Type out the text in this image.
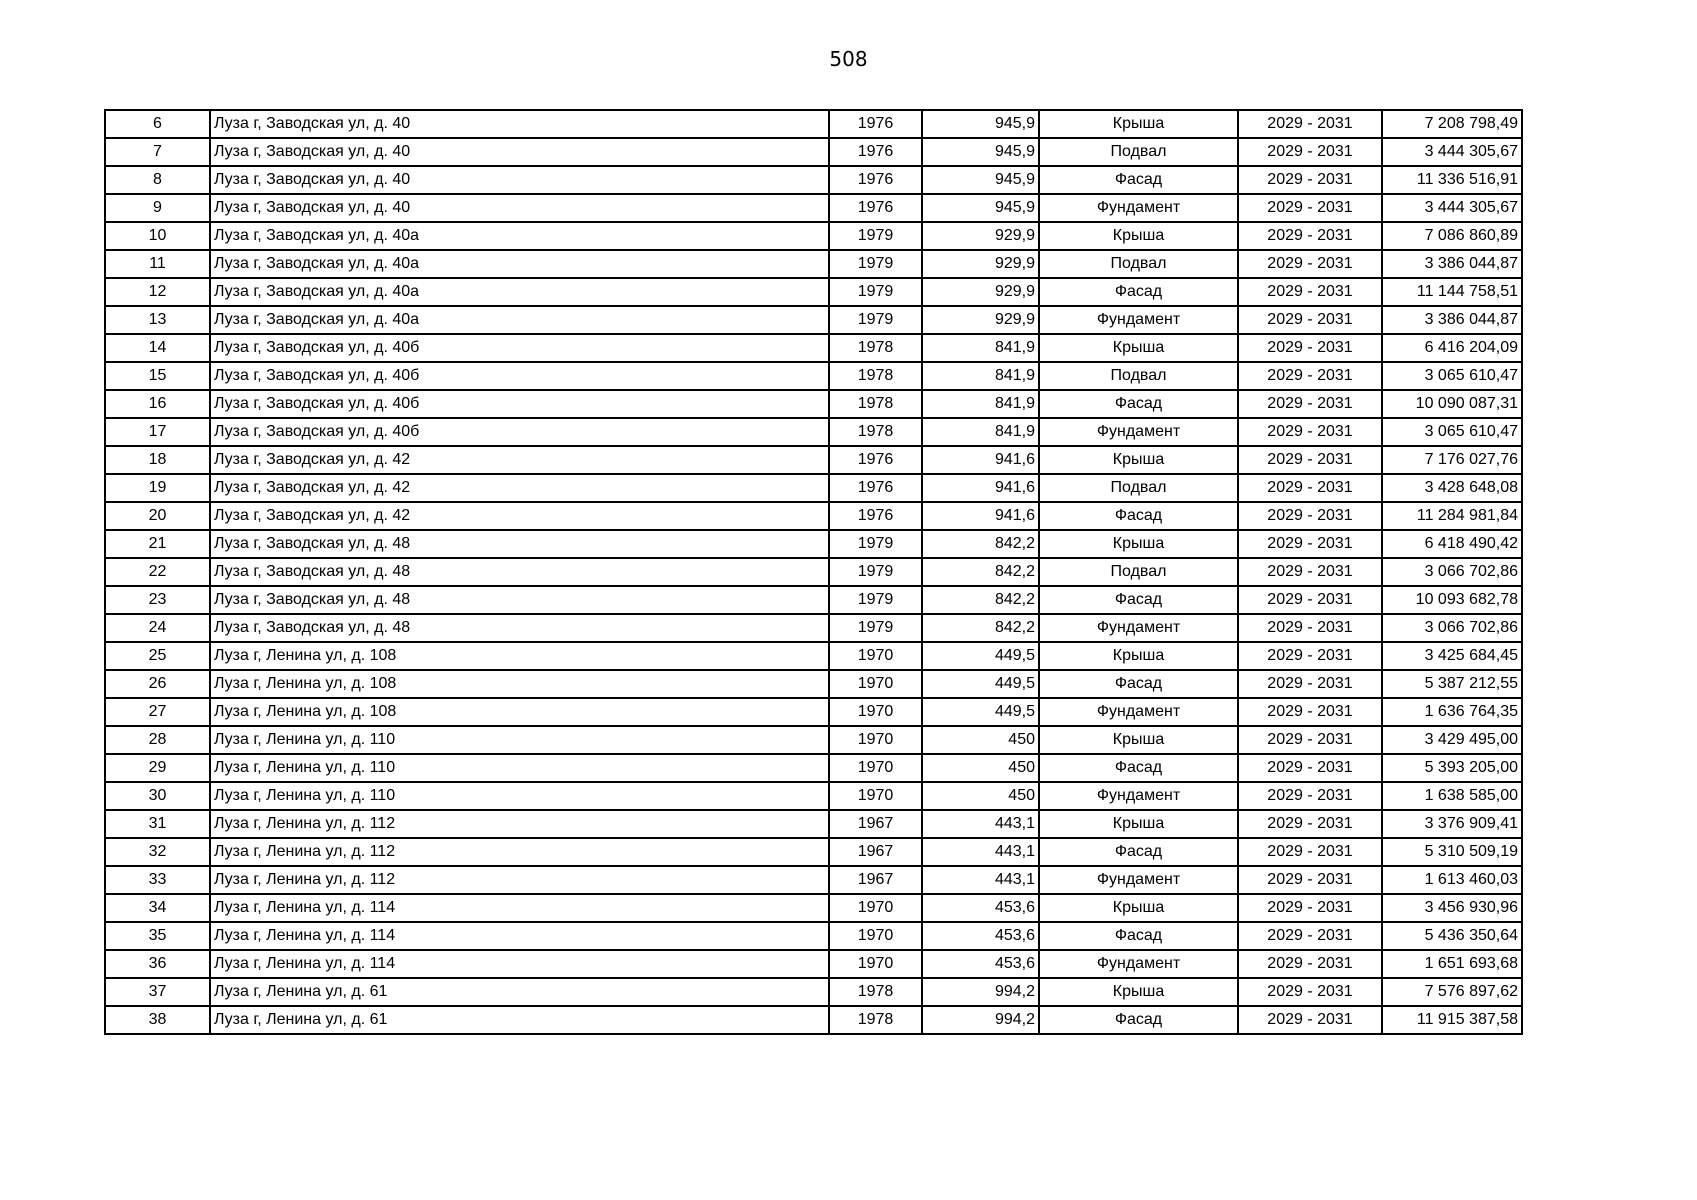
508
6	Луза г, Заводская ул, д. 40	1976	945,9	Крыша	2029 - 2031	7 208 798,49
7	Луза г, Заводская ул, д. 40	1976	945,9	Подвал	2029 - 2031	3 444 305,67
8	Луза г, Заводская ул, д. 40	1976	945,9	Фасад	2029 - 2031	11 336 516,91
9	Луза г, Заводская ул, д. 40	1976	945,9	Фундамент	2029 - 2031	3 444 305,67
10	Луза г, Заводская ул, д. 40а	1979	929,9	Крыша	2029 - 2031	7 086 860,89
11	Луза г, Заводская ул, д. 40а	1979	929,9	Подвал	2029 - 2031	3 386 044,87
12	Луза г, Заводская ул, д. 40а	1979	929,9	Фасад	2029 - 2031	11 144 758,51
13	Луза г, Заводская ул, д. 40а	1979	929,9	Фундамент	2029 - 2031	3 386 044,87
14	Луза г, Заводская ул, д. 40б	1978	841,9	Крыша	2029 - 2031	6 416 204,09
15	Луза г, Заводская ул, д. 40б	1978	841,9	Подвал	2029 - 2031	3 065 610,47
16	Луза г, Заводская ул, д. 40б	1978	841,9	Фасад	2029 - 2031	10 090 087,31
17	Луза г, Заводская ул, д. 40б	1978	841,9	Фундамент	2029 - 2031	3 065 610,47
18	Луза г, Заводская ул, д. 42	1976	941,6	Крыша	2029 - 2031	7 176 027,76
19	Луза г, Заводская ул, д. 42	1976	941,6	Подвал	2029 - 2031	3 428 648,08
20	Луза г, Заводская ул, д. 42	1976	941,6	Фасад	2029 - 2031	11 284 981,84
21	Луза г, Заводская ул, д. 48	1979	842,2	Крыша	2029 - 2031	6 418 490,42
22	Луза г, Заводская ул, д. 48	1979	842,2	Подвал	2029 - 2031	3 066 702,86
23	Луза г, Заводская ул, д. 48	1979	842,2	Фасад	2029 - 2031	10 093 682,78
24	Луза г, Заводская ул, д. 48	1979	842,2	Фундамент	2029 - 2031	3 066 702,86
25	Луза г, Ленина ул, д. 108	1970	449,5	Крыша	2029 - 2031	3 425 684,45
26	Луза г, Ленина ул, д. 108	1970	449,5	Фасад	2029 - 2031	5 387 212,55
27	Луза г, Ленина ул, д. 108	1970	449,5	Фундамент	2029 - 2031	1 636 764,35
28	Луза г, Ленина ул, д. 110	1970	450	Крыша	2029 - 2031	3 429 495,00
29	Луза г, Ленина ул, д. 110	1970	450	Фасад	2029 - 2031	5 393 205,00
30	Луза г, Ленина ул, д. 110	1970	450	Фундамент	2029 - 2031	1 638 585,00
31	Луза г, Ленина ул, д. 112	1967	443,1	Крыша	2029 - 2031	3 376 909,41
32	Луза г, Ленина ул, д. 112	1967	443,1	Фасад	2029 - 2031	5 310 509,19
33	Луза г, Ленина ул, д. 112	1967	443,1	Фундамент	2029 - 2031	1 613 460,03
34	Луза г, Ленина ул, д. 114	1970	453,6	Крыша	2029 - 2031	3 456 930,96
35	Луза г, Ленина ул, д. 114	1970	453,6	Фасад	2029 - 2031	5 436 350,64
36	Луза г, Ленина ул, д. 114	1970	453,6	Фундамент	2029 - 2031	1 651 693,68
37	Луза г, Ленина ул, д. 61	1978	994,2	Крыша	2029 - 2031	7 576 897,62
38	Луза г, Ленина ул, д. 61	1978	994,2	Фасад	2029 - 2031	11 915 387,58
